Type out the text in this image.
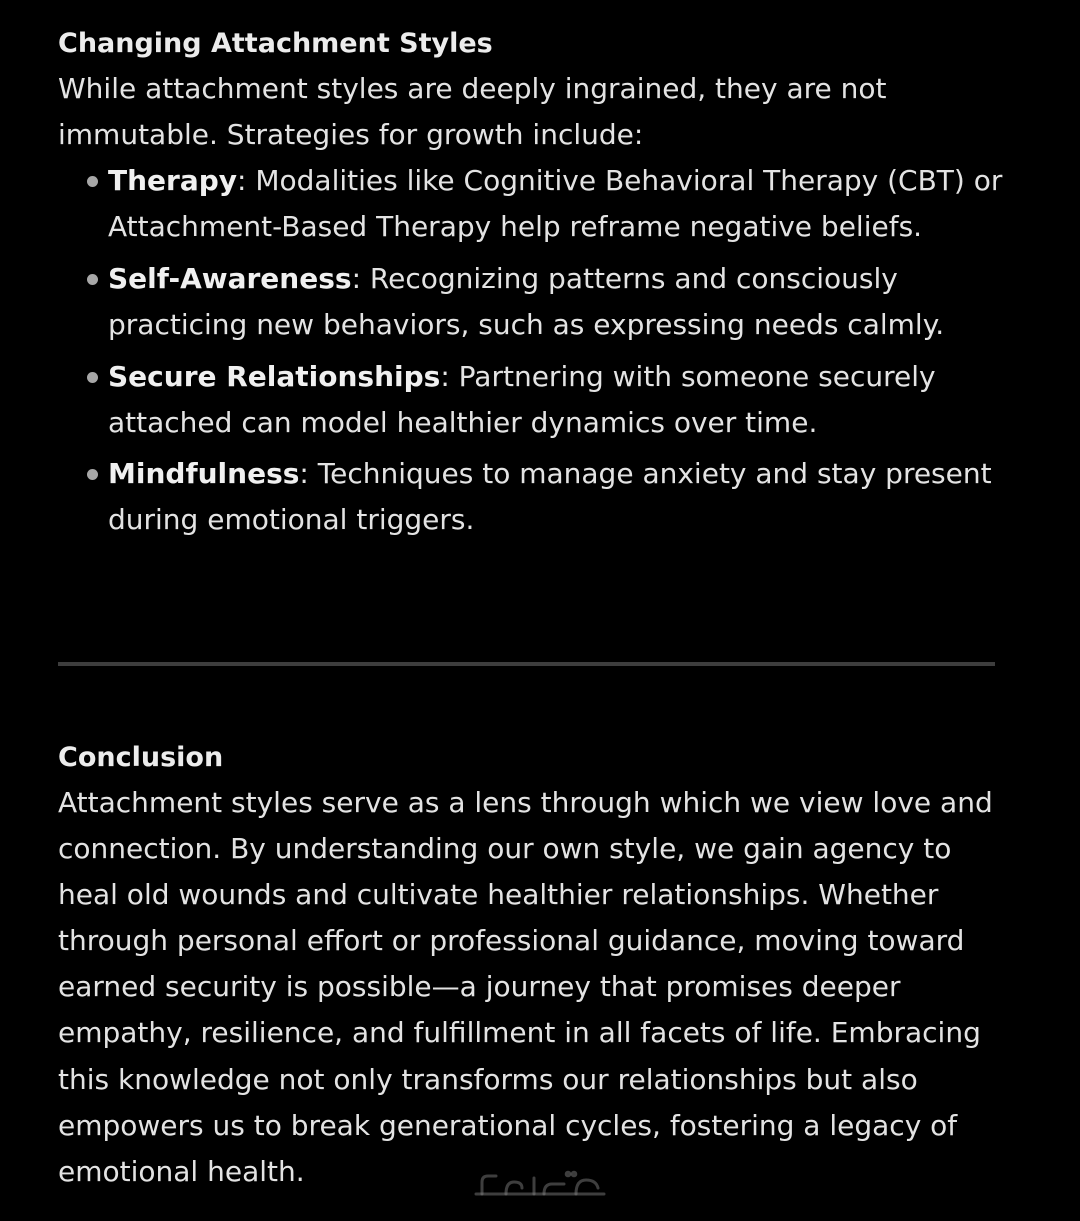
Changing Attachment Styles

While attachment styles are deeply ingrained, they are not immutable. Strategies for growth include:

Therapy: Modalities like Cognitive Behavioral Therapy (CBT) or Attachment-Based Therapy help reframe negative beliefs.
Self-Awareness: Recognizing patterns and consciously practicing new behaviors, such as expressing needs calmly.
Secure Relationships: Partnering with someone securely attached can model healthier dynamics over time.
Mindfulness: Techniques to manage anxiety and stay present during emotional triggers.
Conclusion

Attachment styles serve as a lens through which we view love and connection. By understanding our own style, we gain agency to heal old wounds and cultivate healthier relationships. Whether through personal effort or professional guidance, moving toward earned security is possible—a journey that promises deeper empathy, resilience, and fulfillment in all facets of life. Embracing this knowledge not only transforms our relationships but also empowers us to break generational cycles, fostering a legacy of emotional health.
